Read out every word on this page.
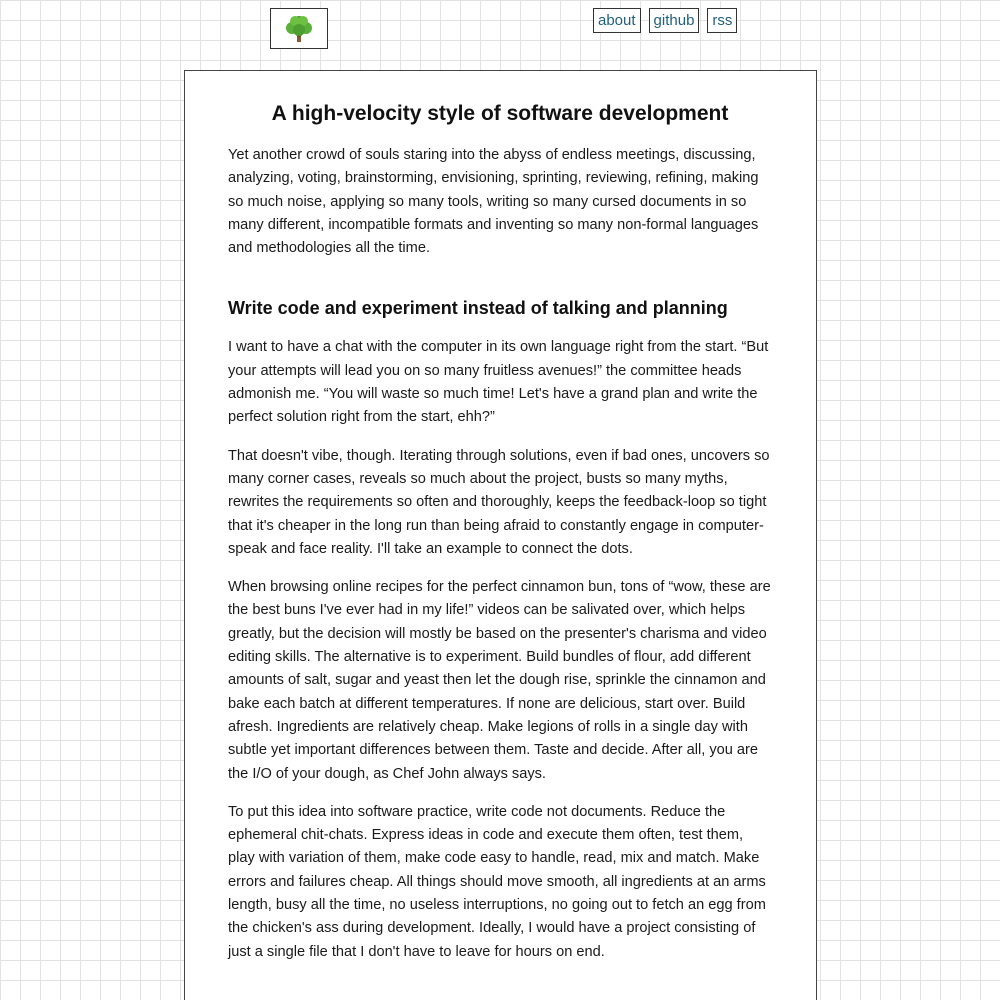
about	github	rss
A high-velocity style of software development

Yet another crowd of souls staring into the abyss of endless meetings, discussing, analyzing, voting, brainstorming, envisioning, sprinting, reviewing, refining, making so much noise, applying so many tools, writing so many cursed documents in so many different, incompatible formats and inventing so many non-formal languages and methodologies all the time.

Write code and experiment instead of talking and planning

I want to have a chat with the computer in its own language right from the start. “But your attempts will lead you on so many fruitless avenues!” the committee heads admonish me. “You will waste so much time! Let's have a grand plan and write the perfect solution right from the start, ehh?”

That doesn't vibe, though. Iterating through solutions, even if bad ones, uncovers so many corner cases, reveals so much about the project, busts so many myths, rewrites the requirements so often and thoroughly, keeps the feedback-loop so tight that it's cheaper in the long run than being afraid to constantly engage in computer-speak and face reality. I'll take an example to connect the dots.

When browsing online recipes for the perfect cinnamon bun, tons of “wow, these are the best buns I've ever had in my life!” videos can be salivated over, which helps greatly, but the decision will mostly be based on the presenter's charisma and video editing skills. The alternative is to experiment. Build bundles of flour, add different amounts of salt, sugar and yeast then let the dough rise, sprinkle the cinnamon and bake each batch at different temperatures. If none are delicious, start over. Build afresh. Ingredients are relatively cheap. Make legions of rolls in a single day with subtle yet important differences between them. Taste and decide. After all, you are the I/O of your dough, as Chef John always says.

To put this idea into software practice, write code not documents. Reduce the ephemeral chit-chats. Express ideas in code and execute them often, test them, play with variation of them, make code easy to handle, read, mix and match. Make errors and failures cheap. All things should move smooth, all ingredients at an arms length, busy all the time, no useless interruptions, no going out to fetch an egg from the chicken's ass during development. Ideally, I would have a project consisting of just a single file that I don't have to leave for hours on end.
